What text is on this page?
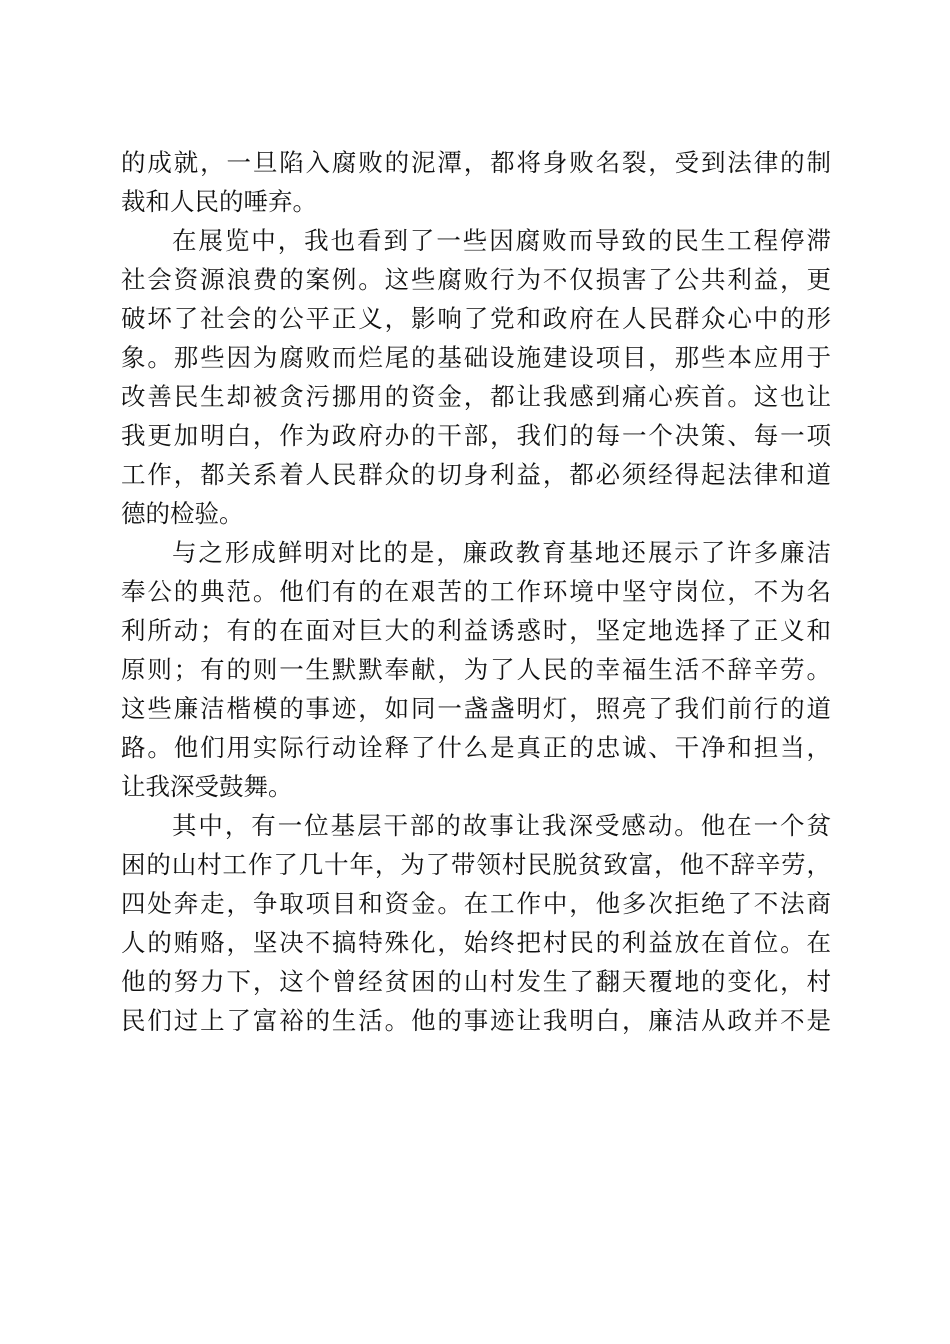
的成就，一旦陷入腐败的泥潭，都将身败名裂，受到法律的制
裁和人民的唾弃。
在展览中，我也看到了一些因腐败而导致的民生工程停滞
社会资源浪费的案例。这些腐败行为不仅损害了公共利益，更
破坏了社会的公平正义，影响了党和政府在人民群众心中的形
象。那些因为腐败而烂尾的基础设施建设项目，那些本应用于
改善民生却被贪污挪用的资金，都让我感到痛心疾首。这也让
我更加明白，作为政府办的干部，我们的每一个决策、每一项
工作，都关系着人民群众的切身利益，都必须经得起法律和道
德的检验。
与之形成鲜明对比的是，廉政教育基地还展示了许多廉洁
奉公的典范。他们有的在艰苦的工作环境中坚守岗位，不为名
利所动；有的在面对巨大的利益诱惑时，坚定地选择了正义和
原则；有的则一生默默奉献，为了人民的幸福生活不辞辛劳。
这些廉洁楷模的事迹，如同一盏盏明灯，照亮了我们前行的道
路。他们用实际行动诠释了什么是真正的忠诚、干净和担当，
让我深受鼓舞。
其中，有一位基层干部的故事让我深受感动。他在一个贫
困的山村工作了几十年，为了带领村民脱贫致富，他不辞辛劳，
四处奔走，争取项目和资金。在工作中，他多次拒绝了不法商
人的贿赂，坚决不搞特殊化，始终把村民的利益放在首位。在
他的努力下，这个曾经贫困的山村发生了翻天覆地的变化，村
民们过上了富裕的生活。他的事迹让我明白，廉洁从政并不是
